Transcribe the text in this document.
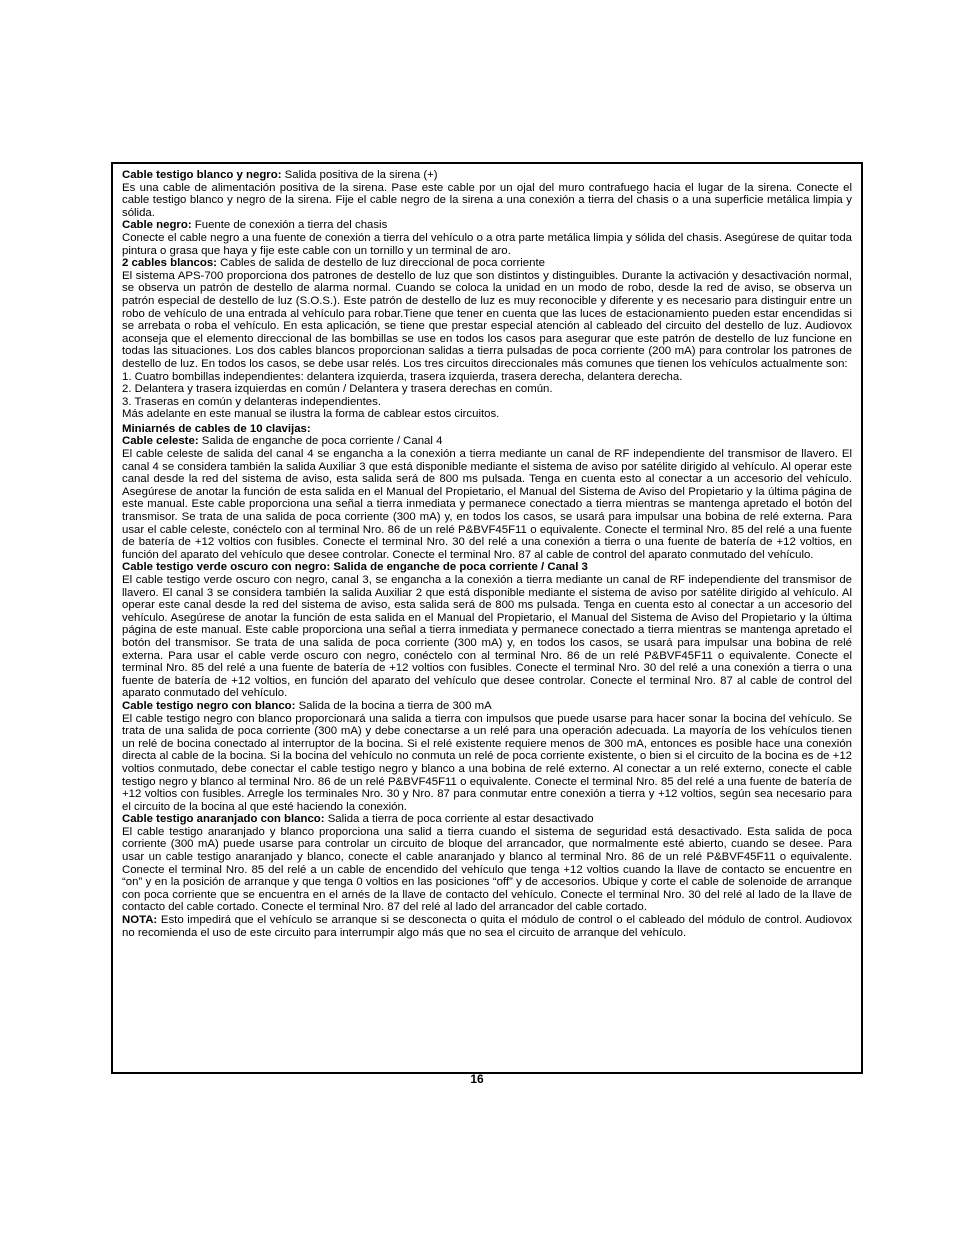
Cable testigo blanco y negro: Salida positiva de la sirena (+)
Es una cable de alimentación positiva de la sirena. Pase este cable por un ojal del muro contrafuego hacia el lugar de la sirena. Conecte el cable testigo blanco y negro de la sirena. Fije el cable negro de la sirena a una conexión a tierra del chasis o a una superficie metálica limpia y sólida.

Cable negro: Fuente de conexión a tierra del chasis
Conecte el cable negro a una fuente de conexión a tierra del vehículo o a otra parte metálica limpia y sólida del chasis. Asegúrese de quitar toda pintura o grasa que haya y fije este cable con un tornillo y un terminal de aro.

2 cables blancos: Cables de salida de destello de luz direccional de poca corriente
El sistema APS-700 proporciona dos patrones de destello de luz que son distintos y distinguibles. Durante la activación y desactivación normal, se observa un patrón de destello de alarma normal. Cuando se coloca la unidad en un modo de robo, desde la red de aviso, se observa un patrón especial de destello de luz (S.O.S.). Este patrón de destello de luz es muy reconocible y diferente y es necesario para distinguir entre un robo de vehículo de una entrada al vehículo para robar.Tiene que tener en cuenta que las luces de estacionamiento pueden estar encendidas si se arrebata o roba el vehículo. En esta aplicación, se tiene que prestar especial atención al cableado del circuito del destello de luz. Audiovox aconseja que el elemento direccional de las bombillas se use en todos los casos para asegurar que este patrón de destello de luz funcione en todas las situaciones. Los dos cables blancos proporcionan salidas a tierra pulsadas de poca corriente (200 mA) para controlar los patrones de destello de luz. En todos los casos, se debe usar relés. Los tres circuitos direccionales más comunes que tienen los vehículos actualmente son:

1. Cuatro bombillas independientes: delantera izquierda, trasera izquierda, trasera derecha, delantera derecha.

2. Delantera y trasera izquierdas en común / Delantera y trasera derechas en común.

3. Traseras en común y delanteras independientes.

Más adelante en este manual se ilustra la forma de cablear estos circuitos.

Miniarnés de cables de 10 clavijas:

Cable celeste: Salida de enganche de poca corriente / Canal 4
El cable celeste de salida del canal 4 se engancha a la conexión a tierra mediante un canal de RF independiente del transmisor de llavero. El canal 4 se considera también la salida Auxiliar 3 que está disponible mediante el sistema de aviso por satélite dirigido al vehículo. Al operar este canal desde la red del sistema de aviso, esta salida será de 800 ms pulsada. Tenga en cuenta esto al conectar a un accesorio del vehículo. Asegúrese de anotar la función de esta salida en el Manual del Propietario, el Manual del Sistema de Aviso del Propietario y la última página de este manual. Este cable proporciona una señal a tierra inmediata y permanece conectado a tierra mientras se mantenga apretado el botón del transmisor. Se trata de una salida de poca corriente (300 mA) y, en todos los casos, se usará para impulsar una bobina de relé externa. Para usar el cable celeste, conéctelo con al terminal Nro. 86 de un relé P&BVF45F11 o equivalente. Conecte el terminal Nro. 85 del relé a una fuente de batería de +12 voltios con fusibles. Conecte el terminal Nro. 30 del relé a una conexión a tierra o una fuente de batería de +12 voltios, en función del aparato del vehículo que desee controlar. Conecte el terminal Nro. 87 al cable de control del aparato conmutado del vehículo.

Cable testigo verde oscuro con negro: Salida de enganche de poca corriente / Canal 3
El cable testigo verde oscuro con negro, canal 3, se engancha a la conexión a tierra mediante un canal de RF independiente del transmisor de llavero. El canal 3 se considera también la salida Auxiliar 2 que está disponible mediante el sistema de aviso por satélite dirigido al vehículo. Al operar este canal desde la red del sistema de aviso, esta salida será de 800 ms pulsada. Tenga en cuenta esto al conectar a un accesorio del vehículo. Asegúrese de anotar la función de esta salida en el Manual del Propietario, el Manual del Sistema de Aviso del Propietario y la última página de este manual. Este cable proporciona una señal a tierra inmediata y permanece conectado a tierra mientras se mantenga apretado el botón del transmisor. Se trata de una salida de poca corriente (300 mA) y, en todos los casos, se usará para impulsar una bobina de relé externa. Para usar el cable verde oscuro con negro, conéctelo con al terminal Nro. 86 de un relé P&BVF45F11 o equivalente. Conecte el terminal Nro. 85 del relé a una fuente de batería de +12 voltios con fusibles. Conecte el terminal Nro. 30 del relé a una conexión a tierra o una fuente de batería de +12 voltios, en función del aparato del vehículo que desee controlar. Conecte el terminal Nro. 87 al cable de control del aparato conmutado del vehículo.

Cable testigo negro con blanco: Salida de la bocina a tierra de 300 mA
El cable testigo negro con blanco proporcionará una salida a tierra con impulsos que puede usarse para hacer sonar la bocina del vehículo. Se trata de una salida de poca corriente (300 mA) y debe conectarse a un relé para una operación adecuada. La mayoría de los vehículos tienen un relé de bocina conectado al interruptor de la bocina. Si el relé existente requiere menos de 300 mA, entonces es posible hace una conexión directa al cable de la bocina. Si la bocina del vehículo no conmuta un relé de poca corriente existente, o bien si el circuito de la bocina es de +12 voltios conmutado, debe conectar el cable testigo negro y blanco a una bobina de relé externo. Al conectar a un relé externo, conecte el cable testigo negro y blanco al terminal Nro. 86 de un relé P&BVF45F11 o equivalente. Conecte el terminal Nro. 85 del relé a una fuente de batería de +12 voltios con fusibles. Arregle los terminales Nro. 30 y Nro. 87 para conmutar entre conexión a tierra y +12 voltios, según sea necesario para el circuito de la bocina al que esté haciendo la conexión.

Cable testigo anaranjado con blanco: Salida a tierra de poca corriente al estar desactivado
El cable testigo anaranjado y blanco proporciona una salid a tierra cuando el sistema de seguridad está desactivado. Esta salida de poca corriente (300 mA) puede usarse para controlar un circuito de bloque del arrancador, que normalmente esté abierto, cuando se desee. Para usar un cable testigo anaranjado y blanco, conecte el cable anaranjado y blanco al terminal Nro. 86 de un relé P&BVF45F11 o equivalente. Conecte el terminal Nro. 85 del relé a un cable de encendido del vehículo que tenga +12 voltios cuando la llave de contacto se encuentre en “on” y en la posición de arranque y que tenga 0 voltios en las posiciones “off” y de accesorios. Ubique y corte el cable de solenoide de arranque con poca corriente que se encuentra en el arnés de la llave de contacto del vehículo. Conecte el terminal Nro. 30 del relé al lado de la llave de contacto del cable cortado. Conecte el terminal Nro. 87 del relé al lado del arrancador del cable cortado.

NOTA: Esto impedirá que el vehículo se arranque si se desconecta o quita el módulo de control o el cableado del módulo de control. Audiovox no recomienda el uso de este circuito para interrumpir algo más que no sea el circuito de arranque del vehículo.

16
